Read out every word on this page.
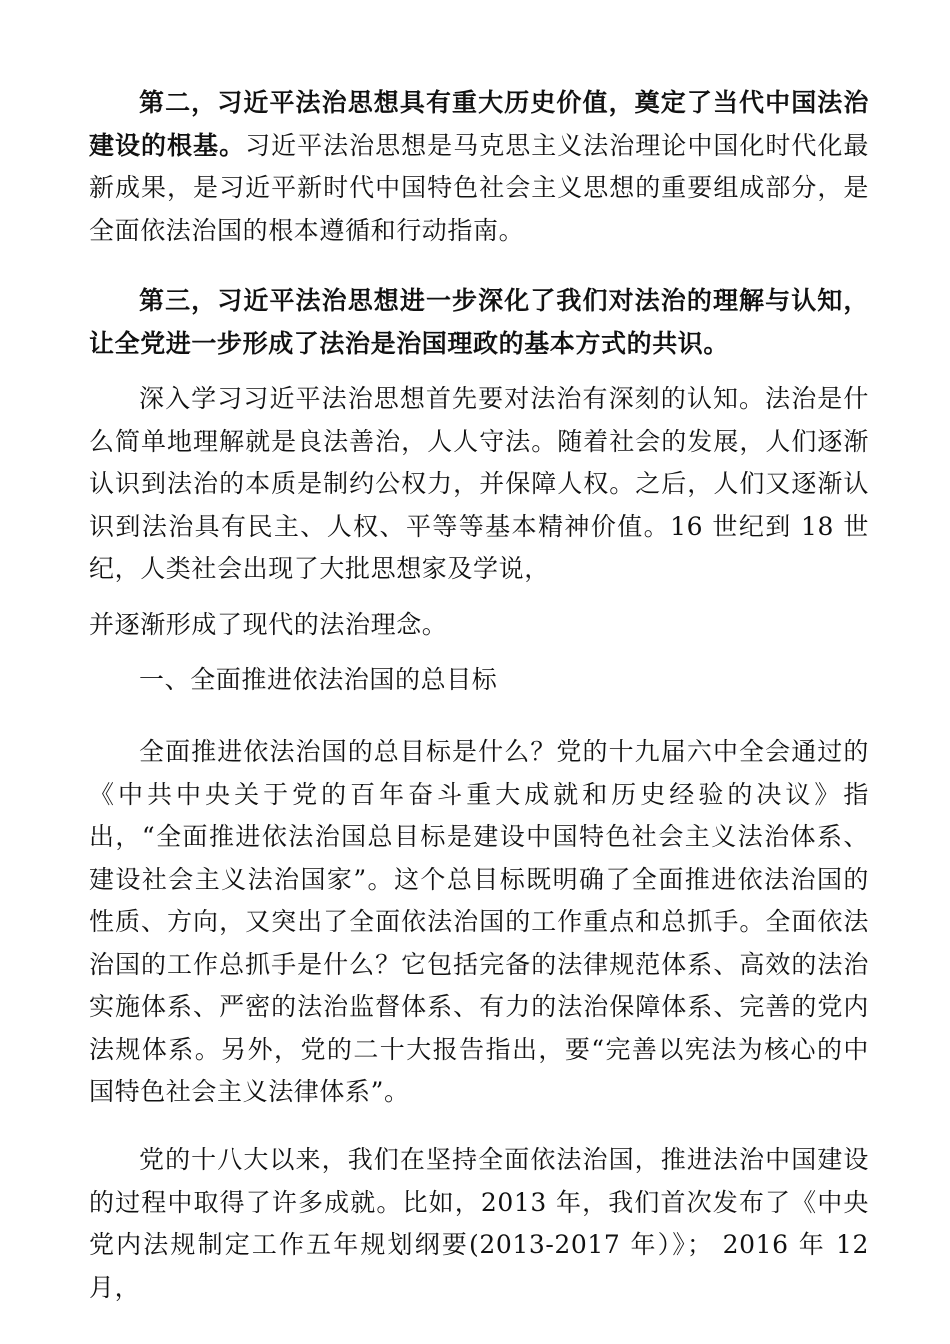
第二，习近平法治思想具有重大历史价值，奠定了当代中国法治建设的根基。习近平法治思想是马克思主义法治理论中国化时代化最新成果，是习近平新时代中国特色社会主义思想的重要组成部分，是全面依法治国的根本遵循和行动指南。

第三，习近平法治思想进一步深化了我们对法治的理解与认知，让全党进一步形成了法治是治国理政的基本方式的共识。

深入学习习近平法治思想首先要对法治有深刻的认知。法治是什么简单地理解就是良法善治，人人守法。随着社会的发展，人们逐渐认识到法治的本质是制约公权力，并保障人权。之后，人们又逐渐认识到法治具有民主、人权、平等等基本精神价值。16 世纪到 18 世纪，人类社会出现了大批思想家及学说，

并逐渐形成了现代的法治理念。

一、全面推进依法治国的总目标

全面推进依法治国的总目标是什么？党的十九届六中全会通过的《中共中央关于党的百年奋斗重大成就和历史经验的决议》指出，“全面推进依法治国总目标是建设中国特色社会主义法治体系、建设社会主义法治国家”。这个总目标既明确了全面推进依法治国的性质、方向，又突出了全面依法治国的工作重点和总抓手。全面依法治国的工作总抓手是什么？它包括完备的法律规范体系、高效的法治实施体系、严密的法治监督体系、有力的法治保障体系、完善的党内法规体系。另外，党的二十大报告指出，要“完善以宪法为核心的中国特色社会主义法律体系”。

党的十八大以来，我们在坚持全面依法治国，推进法治中国建设的过程中取得了许多成就。比如，2013 年，我们首次发布了《中央党内法规制定工作五年规划纲要(2013-2017 年）》； 2016 年 12 月，
